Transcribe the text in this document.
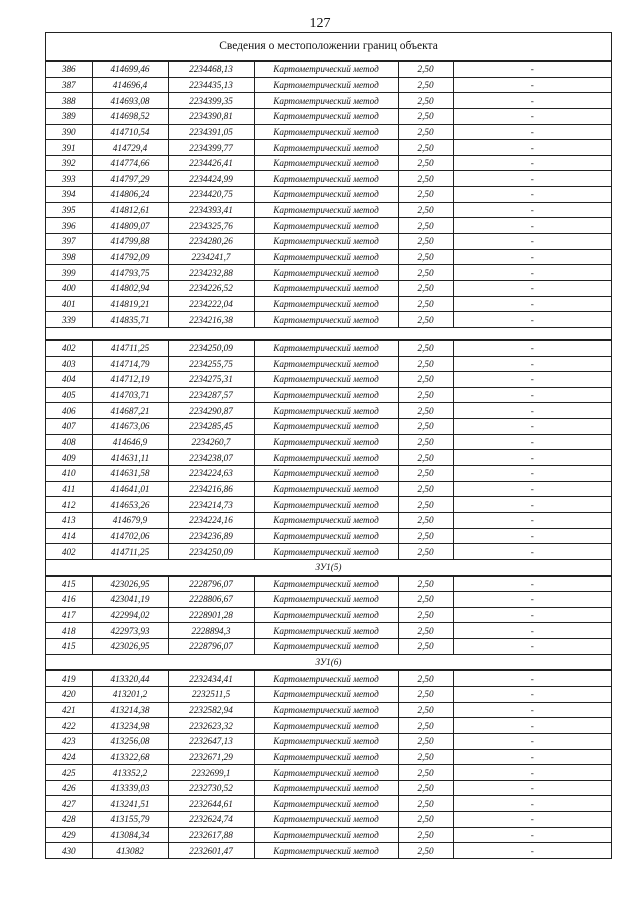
127
Сведения о местоположении границ объекта
386	414699,46	2234468,13	Картометрический метод	2,50	-
387	414696,4	2234435,13	Картометрический метод	2,50	-
388	414693,08	2234399,35	Картометрический метод	2,50	-
389	414698,52	2234390,81	Картометрический метод	2,50	-
390	414710,54	2234391,05	Картометрический метод	2,50	-
391	414729,4	2234399,77	Картометрический метод	2,50	-
392	414774,66	2234426,41	Картометрический метод	2,50	-
393	414797,29	2234424,99	Картометрический метод	2,50	-
394	414806,24	2234420,75	Картометрический метод	2,50	-
395	414812,61	2234393,41	Картометрический метод	2,50	-
396	414809,07	2234325,76	Картометрический метод	2,50	-
397	414799,88	2234280,26	Картометрический метод	2,50	-
398	414792,09	2234241,7	Картометрический метод	2,50	-
399	414793,75	2234232,88	Картометрический метод	2,50	-
400	414802,94	2234226,52	Картометрический метод	2,50	-
401	414819,21	2234222,04	Картометрический метод	2,50	-
339	414835,71	2234216,38	Картометрический метод	2,50	-
402	414711,25	2234250,09	Картометрический метод	2,50	-
403	414714,79	2234255,75	Картометрический метод	2,50	-
404	414712,19	2234275,31	Картометрический метод	2,50	-
405	414703,71	2234287,57	Картометрический метод	2,50	-
406	414687,21	2234290,87	Картометрический метод	2,50	-
407	414673,06	2234285,45	Картометрический метод	2,50	-
408	414646,9	2234260,7	Картометрический метод	2,50	-
409	414631,11	2234238,07	Картометрический метод	2,50	-
410	414631,58	2234224,63	Картометрический метод	2,50	-
411	414641,01	2234216,86	Картометрический метод	2,50	-
412	414653,26	2234214,73	Картометрический метод	2,50	-
413	414679,9	2234224,16	Картометрический метод	2,50	-
414	414702,06	2234236,89	Картометрический метод	2,50	-
402	414711,25	2234250,09	Картометрический метод	2,50	-
ЗУ1(5)
415	423026,95	2228796,07	Картометрический метод	2,50	-
416	423041,19	2228806,67	Картометрический метод	2,50	-
417	422994,02	2228901,28	Картометрический метод	2,50	-
418	422973,93	2228894,3	Картометрический метод	2,50	-
415	423026,95	2228796,07	Картометрический метод	2,50	-
ЗУ1(6)
419	413320,44	2232434,41	Картометрический метод	2,50	-
420	413201,2	2232511,5	Картометрический метод	2,50	-
421	413214,38	2232582,94	Картометрический метод	2,50	-
422	413234,98	2232623,32	Картометрический метод	2,50	-
423	413256,08	2232647,13	Картометрический метод	2,50	-
424	413322,68	2232671,29	Картометрический метод	2,50	-
425	413352,2	2232699,1	Картометрический метод	2,50	-
426	413339,03	2232730,52	Картометрический метод	2,50	-
427	413241,51	2232644,61	Картометрический метод	2,50	-
428	413155,79	2232624,74	Картометрический метод	2,50	-
429	413084,34	2232617,88	Картометрический метод	2,50	-
430	413082	2232601,47	Картометрический метод	2,50	-
